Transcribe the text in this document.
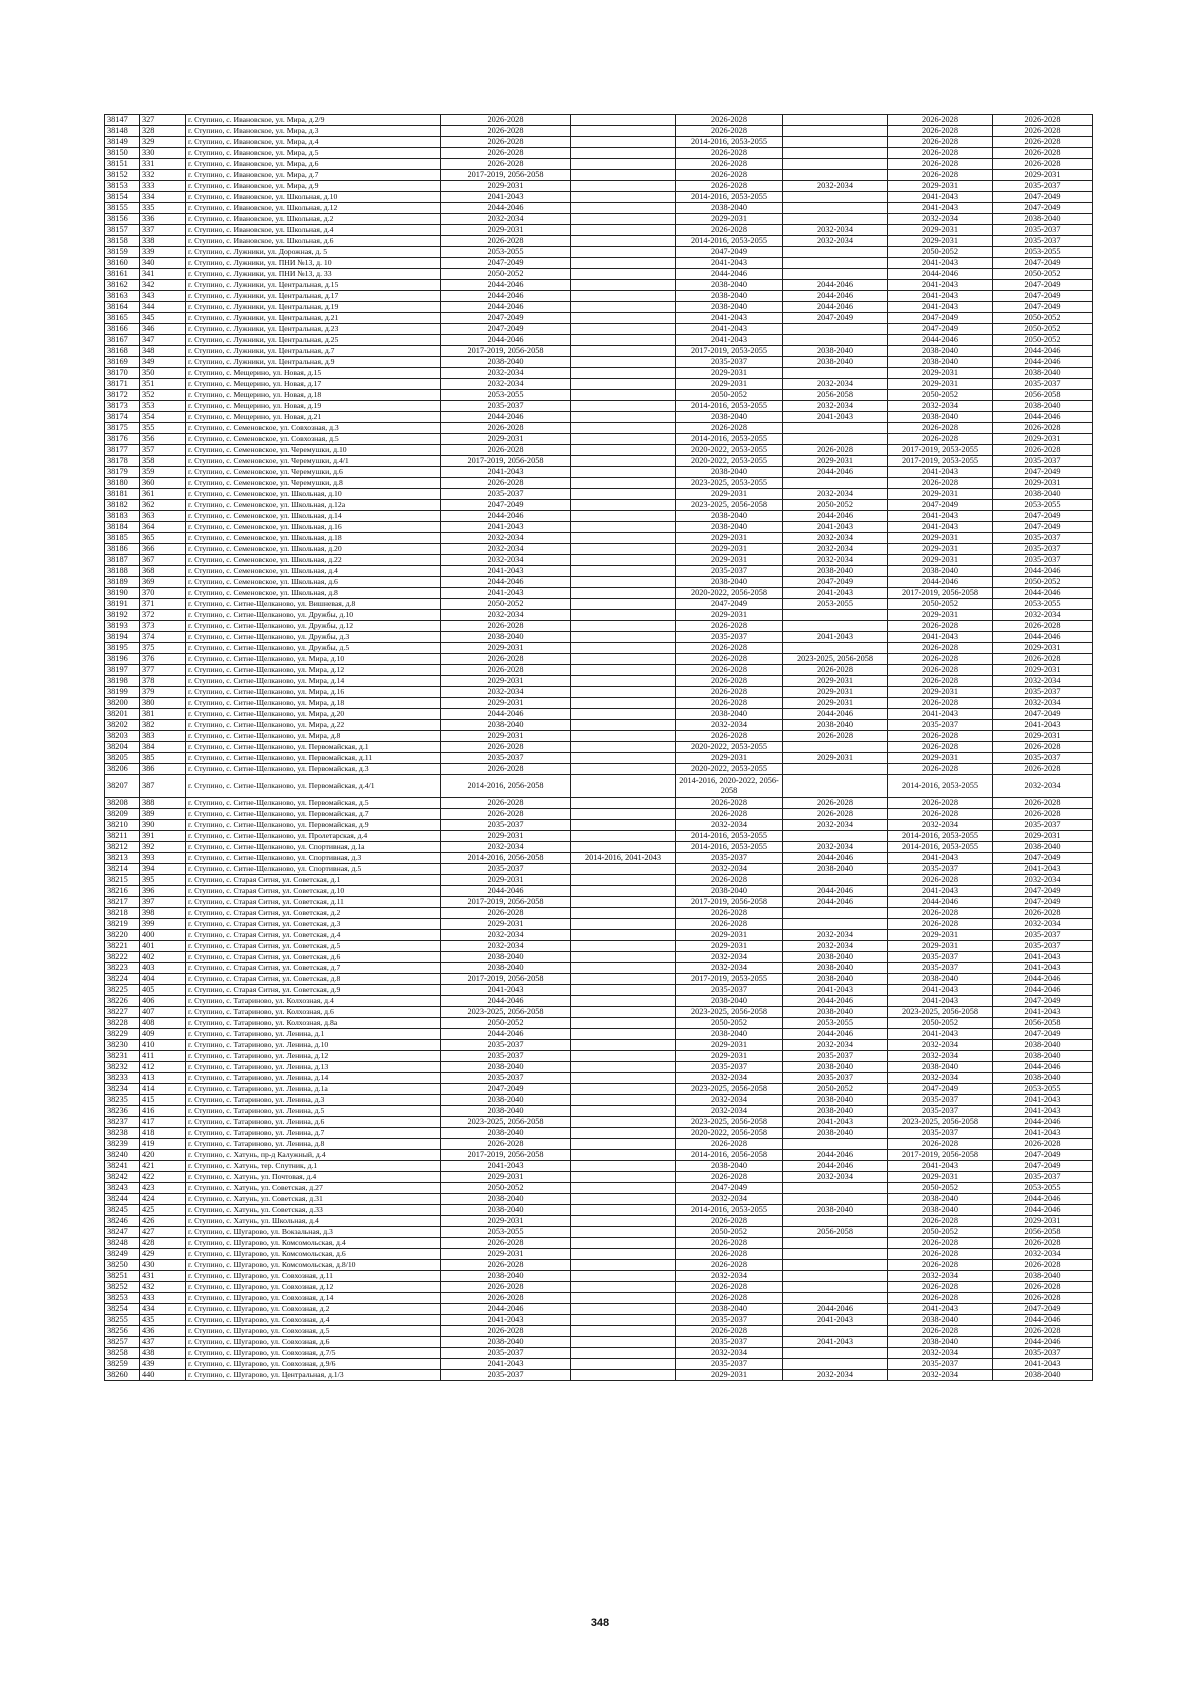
38147	327	г. Ступино, с. Ивановское, ул. Мира, д.2/9	2026-2028		2026-2028		2026-2028	2026-2028
38148	328	г. Ступино, с. Ивановское, ул. Мира, д.3	2026-2028		2026-2028		2026-2028	2026-2028
38149	329	г. Ступино, с. Ивановское, ул. Мира, д.4	2026-2028		2014-2016, 2053-2055		2026-2028	2026-2028
38150	330	г. Ступино, с. Ивановское, ул. Мира, д.5	2026-2028		2026-2028		2026-2028	2026-2028
38151	331	г. Ступино, с. Ивановское, ул. Мира, д.6	2026-2028		2026-2028		2026-2028	2026-2028
38152	332	г. Ступино, с. Ивановское, ул. Мира, д.7	2017-2019, 2056-2058		2026-2028		2026-2028	2029-2031
38153	333	г. Ступино, с. Ивановское, ул. Мира, д.9	2029-2031		2026-2028	2032-2034	2029-2031	2035-2037
38154	334	г. Ступино, с. Ивановское, ул. Школьная, д.10	2041-2043		2014-2016, 2053-2055		2041-2043	2047-2049
38155	335	г. Ступино, с. Ивановское, ул. Школьная, д.12	2044-2046		2038-2040		2041-2043	2047-2049
38156	336	г. Ступино, с. Ивановское, ул. Школьная, д.2	2032-2034		2029-2031		2032-2034	2038-2040
38157	337	г. Ступино, с. Ивановское, ул. Школьная, д.4	2029-2031		2026-2028	2032-2034	2029-2031	2035-2037
38158	338	г. Ступино, с. Ивановское, ул. Школьная, д.6	2026-2028		2014-2016, 2053-2055	2032-2034	2029-2031	2035-2037
38159	339	г. Ступино, с. Лужники, ул. Дорожная, д. 5	2053-2055		2047-2049		2050-2052	2053-2055
38160	340	г. Ступино, с. Лужники, ул. ПНИ №13, д. 10	2047-2049		2041-2043		2041-2043	2047-2049
38161	341	г. Ступино, с. Лужники, ул. ПНИ №13, д. 33	2050-2052		2044-2046		2044-2046	2050-2052
38162	342	г. Ступино, с. Лужники, ул. Центральная, д.15	2044-2046		2038-2040	2044-2046	2041-2043	2047-2049
38163	343	г. Ступино, с. Лужники, ул. Центральная, д.17	2044-2046		2038-2040	2044-2046	2041-2043	2047-2049
38164	344	г. Ступино, с. Лужники, ул. Центральная, д.19	2044-2046		2038-2040	2044-2046	2041-2043	2047-2049
38165	345	г. Ступино, с. Лужники, ул. Центральная, д.21	2047-2049		2041-2043	2047-2049	2047-2049	2050-2052
38166	346	г. Ступино, с. Лужники, ул. Центральная, д.23	2047-2049		2041-2043		2047-2049	2050-2052
38167	347	г. Ступино, с. Лужники, ул. Центральная, д.25	2044-2046		2041-2043		2044-2046	2050-2052
38168	348	г. Ступино, с. Лужники, ул. Центральная, д.7	2017-2019, 2056-2058		2017-2019, 2053-2055	2038-2040	2038-2040	2044-2046
38169	349	г. Ступино, с. Лужники, ул. Центральная, д.9	2038-2040		2035-2037	2038-2040	2038-2040	2044-2046
38170	350	г. Ступино, с. Мещерино, ул. Новая, д.15	2032-2034		2029-2031		2029-2031	2038-2040
38171	351	г. Ступино, с. Мещерино, ул. Новая, д.17	2032-2034		2029-2031	2032-2034	2029-2031	2035-2037
38172	352	г. Ступино, с. Мещерино, ул. Новая, д.18	2053-2055		2050-2052	2056-2058	2050-2052	2056-2058
38173	353	г. Ступино, с. Мещерино, ул. Новая, д.19	2035-2037		2014-2016, 2053-2055	2032-2034	2032-2034	2038-2040
38174	354	г. Ступино, с. Мещерино, ул. Новая, д.21	2044-2046		2038-2040	2041-2043	2038-2040	2044-2046
38175	355	г. Ступино, с. Семеновское, ул. Совхозная, д.3	2026-2028		2026-2028		2026-2028	2026-2028
38176	356	г. Ступино, с. Семеновское, ул. Совхозная, д.5	2029-2031		2014-2016, 2053-2055		2026-2028	2029-2031
38177	357	г. Ступино, с. Семеновское, ул. Черемушки, д.10	2026-2028		2020-2022, 2053-2055	2026-2028	2017-2019, 2053-2055	2026-2028
38178	358	г. Ступино, с. Семеновское, ул. Черемушки, д.4/1	2017-2019, 2056-2058		2020-2022, 2053-2055	2029-2031	2017-2019, 2053-2055	2035-2037
38179	359	г. Ступино, с. Семеновское, ул. Черемушки, д.6	2041-2043		2038-2040	2044-2046	2041-2043	2047-2049
38180	360	г. Ступино, с. Семеновское, ул. Черемушки, д.8	2026-2028		2023-2025, 2053-2055		2026-2028	2029-2031
38181	361	г. Ступино, с. Семеновское, ул. Школьная, д.10	2035-2037		2029-2031	2032-2034	2029-2031	2038-2040
38182	362	г. Ступино, с. Семеновское, ул. Школьная, д.12а	2047-2049		2023-2025, 2056-2058	2050-2052	2047-2049	2053-2055
38183	363	г. Ступино, с. Семеновское, ул. Школьная, д.14	2044-2046		2038-2040	2044-2046	2041-2043	2047-2049
38184	364	г. Ступино, с. Семеновское, ул. Школьная, д.16	2041-2043		2038-2040	2041-2043	2041-2043	2047-2049
38185	365	г. Ступино, с. Семеновское, ул. Школьная, д.18	2032-2034		2029-2031	2032-2034	2029-2031	2035-2037
38186	366	г. Ступино, с. Семеновское, ул. Школьная, д.20	2032-2034		2029-2031	2032-2034	2029-2031	2035-2037
38187	367	г. Ступино, с. Семеновское, ул. Школьная, д.22	2032-2034		2029-2031	2032-2034	2029-2031	2035-2037
38188	368	г. Ступино, с. Семеновское, ул. Школьная, д.4	2041-2043		2035-2037	2038-2040	2038-2040	2044-2046
38189	369	г. Ступино, с. Семеновское, ул. Школьная, д.6	2044-2046		2038-2040	2047-2049	2044-2046	2050-2052
38190	370	г. Ступино, с. Семеновское, ул. Школьная, д.8	2041-2043		2020-2022, 2056-2058	2041-2043	2017-2019, 2056-2058	2044-2046
38191	371	г. Ступино, с. Ситне-Щелканово, ул. Вишневая, д.8	2050-2052		2047-2049	2053-2055	2050-2052	2053-2055
38192	372	г. Ступино, с. Ситне-Щелканово, ул. Дружбы, д.10	2032-2034		2029-2031		2029-2031	2032-2034
38193	373	г. Ступино, с. Ситне-Щелканово, ул. Дружбы, д.12	2026-2028		2026-2028		2026-2028	2026-2028
38194	374	г. Ступино, с. Ситне-Щелканово, ул. Дружбы, д.3	2038-2040		2035-2037	2041-2043	2041-2043	2044-2046
38195	375	г. Ступино, с. Ситне-Щелканово, ул. Дружбы, д.5	2029-2031		2026-2028		2026-2028	2029-2031
38196	376	г. Ступино, с. Ситне-Щелканово, ул. Мира, д.10	2026-2028		2026-2028	2023-2025, 2056-2058	2026-2028	2026-2028
38197	377	г. Ступино, с. Ситне-Щелканово, ул. Мира, д.12	2026-2028		2026-2028	2026-2028	2026-2028	2029-2031
38198	378	г. Ступино, с. Ситне-Щелканово, ул. Мира, д.14	2029-2031		2026-2028	2029-2031	2026-2028	2032-2034
38199	379	г. Ступино, с. Ситне-Щелканово, ул. Мира, д.16	2032-2034		2026-2028	2029-2031	2029-2031	2035-2037
38200	380	г. Ступино, с. Ситне-Щелканово, ул. Мира, д.18	2029-2031		2026-2028	2029-2031	2026-2028	2032-2034
38201	381	г. Ступино, с. Ситне-Щелканово, ул. Мира, д.20	2044-2046		2038-2040	2044-2046	2041-2043	2047-2049
38202	382	г. Ступино, с. Ситне-Щелканово, ул. Мира, д.22	2038-2040		2032-2034	2038-2040	2035-2037	2041-2043
38203	383	г. Ступино, с. Ситне-Щелканово, ул. Мира, д.8	2029-2031		2026-2028	2026-2028	2026-2028	2029-2031
38204	384	г. Ступино, с. Ситне-Щелканово, ул. Первомайская, д.1	2026-2028		2020-2022, 2053-2055		2026-2028	2026-2028
38205	385	г. Ступино, с. Ситне-Щелканово, ул. Первомайская, д.11	2035-2037		2029-2031	2029-2031	2029-2031	2035-2037
38206	386	г. Ступино, с. Ситне-Щелканово, ул. Первомайская, д.3	2026-2028		2020-2022, 2053-2055		2026-2028	2026-2028
38207	387	г. Ступино, с. Ситне-Щелканово, ул. Первомайская, д.4/1	2014-2016, 2056-2058		2014-2016, 2020-2022, 2056-2058		2014-2016, 2053-2055	2032-2034
38208	388	г. Ступино, с. Ситне-Щелканово, ул. Первомайская, д.5	2026-2028		2026-2028	2026-2028	2026-2028	2026-2028
38209	389	г. Ступино, с. Ситне-Щелканово, ул. Первомайская, д.7	2026-2028		2026-2028	2026-2028	2026-2028	2026-2028
38210	390	г. Ступино, с. Ситне-Щелканово, ул. Первомайская, д.9	2035-2037		2032-2034	2032-2034	2032-2034	2035-2037
38211	391	г. Ступино, с. Ситне-Щелканово, ул. Пролетарская, д.4	2029-2031		2014-2016, 2053-2055		2014-2016, 2053-2055	2029-2031
38212	392	г. Ступино, с. Ситне-Щелканово, ул. Спортивная, д.1а	2032-2034		2014-2016, 2053-2055	2032-2034	2014-2016, 2053-2055	2038-2040
38213	393	г. Ступино, с. Ситне-Щелканово, ул. Спортивная, д.3	2014-2016, 2056-2058	2014-2016, 2041-2043	2035-2037	2044-2046	2041-2043	2047-2049
38214	394	г. Ступино, с. Ситне-Щелканово, ул. Спортивная, д.5	2035-2037		2032-2034	2038-2040	2035-2037	2041-2043
38215	395	г. Ступино, с. Старая Ситня, ул. Советская, д.1	2029-2031		2026-2028		2026-2028	2032-2034
38216	396	г. Ступино, с. Старая Ситня, ул. Советская, д.10	2044-2046		2038-2040	2044-2046	2041-2043	2047-2049
38217	397	г. Ступино, с. Старая Ситня, ул. Советская, д.11	2017-2019, 2056-2058		2017-2019, 2056-2058	2044-2046	2044-2046	2047-2049
38218	398	г. Ступино, с. Старая Ситня, ул. Советская, д.2	2026-2028		2026-2028		2026-2028	2026-2028
38219	399	г. Ступино, с. Старая Ситня, ул. Советская, д.3	2029-2031		2026-2028		2026-2028	2032-2034
38220	400	г. Ступино, с. Старая Ситня, ул. Советская, д.4	2032-2034		2029-2031	2032-2034	2029-2031	2035-2037
38221	401	г. Ступино, с. Старая Ситня, ул. Советская, д.5	2032-2034		2029-2031	2032-2034	2029-2031	2035-2037
38222	402	г. Ступино, с. Старая Ситня, ул. Советская, д.6	2038-2040		2032-2034	2038-2040	2035-2037	2041-2043
38223	403	г. Ступино, с. Старая Ситня, ул. Советская, д.7	2038-2040		2032-2034	2038-2040	2035-2037	2041-2043
38224	404	г. Ступино, с. Старая Ситня, ул. Советская, д.8	2017-2019, 2056-2058		2017-2019, 2053-2055	2038-2040	2038-2040	2044-2046
38225	405	г. Ступино, с. Старая Ситня, ул. Советская, д.9	2041-2043		2035-2037	2041-2043	2041-2043	2044-2046
38226	406	г. Ступино, с. Татариново, ул. Колхозная, д.4	2044-2046		2038-2040	2044-2046	2041-2043	2047-2049
38227	407	г. Ступино, с. Татариново, ул. Колхозная, д.6	2023-2025, 2056-2058		2023-2025, 2056-2058	2038-2040	2023-2025, 2056-2058	2041-2043
38228	408	г. Ступино, с. Татариново, ул. Колхозная, д.8а	2050-2052		2050-2052	2053-2055	2050-2052	2056-2058
38229	409	г. Ступино, с. Татариново, ул. Ленина, д.1	2044-2046		2038-2040	2044-2046	2041-2043	2047-2049
38230	410	г. Ступино, с. Татариново, ул. Ленина, д.10	2035-2037		2029-2031	2032-2034	2032-2034	2038-2040
38231	411	г. Ступино, с. Татариново, ул. Ленина, д.12	2035-2037		2029-2031	2035-2037	2032-2034	2038-2040
38232	412	г. Ступино, с. Татариново, ул. Ленина, д.13	2038-2040		2035-2037	2038-2040	2038-2040	2044-2046
38233	413	г. Ступино, с. Татариново, ул. Ленина, д.14	2035-2037		2032-2034	2035-2037	2032-2034	2038-2040
38234	414	г. Ступино, с. Татариново, ул. Ленина, д.1а	2047-2049		2023-2025, 2056-2058	2050-2052	2047-2049	2053-2055
38235	415	г. Ступино, с. Татариново, ул. Ленина, д.3	2038-2040		2032-2034	2038-2040	2035-2037	2041-2043
38236	416	г. Ступино, с. Татариново, ул. Ленина, д.5	2038-2040		2032-2034	2038-2040	2035-2037	2041-2043
38237	417	г. Ступино, с. Татариново, ул. Ленина, д.6	2023-2025, 2056-2058		2023-2025, 2056-2058	2041-2043	2023-2025, 2056-2058	2044-2046
38238	418	г. Ступино, с. Татариново, ул. Ленина, д.7	2038-2040		2020-2022, 2056-2058	2038-2040	2035-2037	2041-2043
38239	419	г. Ступино, с. Татариново, ул. Ленина, д.8	2026-2028		2026-2028		2026-2028	2026-2028
38240	420	г. Ступино, с. Хатунь, пр-д Калужный, д.4	2017-2019, 2056-2058		2014-2016, 2056-2058	2044-2046	2017-2019, 2056-2058	2047-2049
38241	421	г. Ступино, с. Хатунь, тер. Спутник, д.1	2041-2043		2038-2040	2044-2046	2041-2043	2047-2049
38242	422	г. Ступино, с. Хатунь, ул. Почтовая, д.4	2029-2031		2026-2028	2032-2034	2029-2031	2035-2037
38243	423	г. Ступино, с. Хатунь, ул. Советская, д.27	2050-2052		2047-2049		2050-2052	2053-2055
38244	424	г. Ступино, с. Хатунь, ул. Советская, д.31	2038-2040		2032-2034		2038-2040	2044-2046
38245	425	г. Ступино, с. Хатунь, ул. Советская, д.33	2038-2040		2014-2016, 2053-2055	2038-2040	2038-2040	2044-2046
38246	426	г. Ступино, с. Хатунь, ул. Школьная, д.4	2029-2031		2026-2028		2026-2028	2029-2031
38247	427	г. Ступино, с. Шугарово, ул. Вокзальная, д.3	2053-2055		2050-2052	2056-2058	2050-2052	2056-2058
38248	428	г. Ступино, с. Шугарово, ул. Комсомольская, д.4	2026-2028		2026-2028		2026-2028	2026-2028
38249	429	г. Ступино, с. Шугарово, ул. Комсомольская, д.6	2029-2031		2026-2028		2026-2028	2032-2034
38250	430	г. Ступино, с. Шугарово, ул. Комсомольская, д.8/10	2026-2028		2026-2028		2026-2028	2026-2028
38251	431	г. Ступино, с. Шугарово, ул. Совхозная, д.11	2038-2040		2032-2034		2032-2034	2038-2040
38252	432	г. Ступино, с. Шугарово, ул. Совхозная, д.12	2026-2028		2026-2028		2026-2028	2026-2028
38253	433	г. Ступино, с. Шугарово, ул. Совхозная, д.14	2026-2028		2026-2028		2026-2028	2026-2028
38254	434	г. Ступино, с. Шугарово, ул. Совхозная, д.2	2044-2046		2038-2040	2044-2046	2041-2043	2047-2049
38255	435	г. Ступино, с. Шугарово, ул. Совхозная, д.4	2041-2043		2035-2037	2041-2043	2038-2040	2044-2046
38256	436	г. Ступино, с. Шугарово, ул. Совхозная, д.5	2026-2028		2026-2028		2026-2028	2026-2028
38257	437	г. Ступино, с. Шугарово, ул. Совхозная, д.6	2038-2040		2035-2037	2041-2043	2038-2040	2044-2046
38258	438	г. Ступино, с. Шугарово, ул. Совхозная, д.7/5	2035-2037		2032-2034		2032-2034	2035-2037
38259	439	г. Ступино, с. Шугарово, ул. Совхозная, д.9/6	2041-2043		2035-2037		2035-2037	2041-2043
38260	440	г. Ступино, с. Шугарово, ул. Центральная, д.1/3	2035-2037		2029-2031	2032-2034	2032-2034	2038-2040
348
